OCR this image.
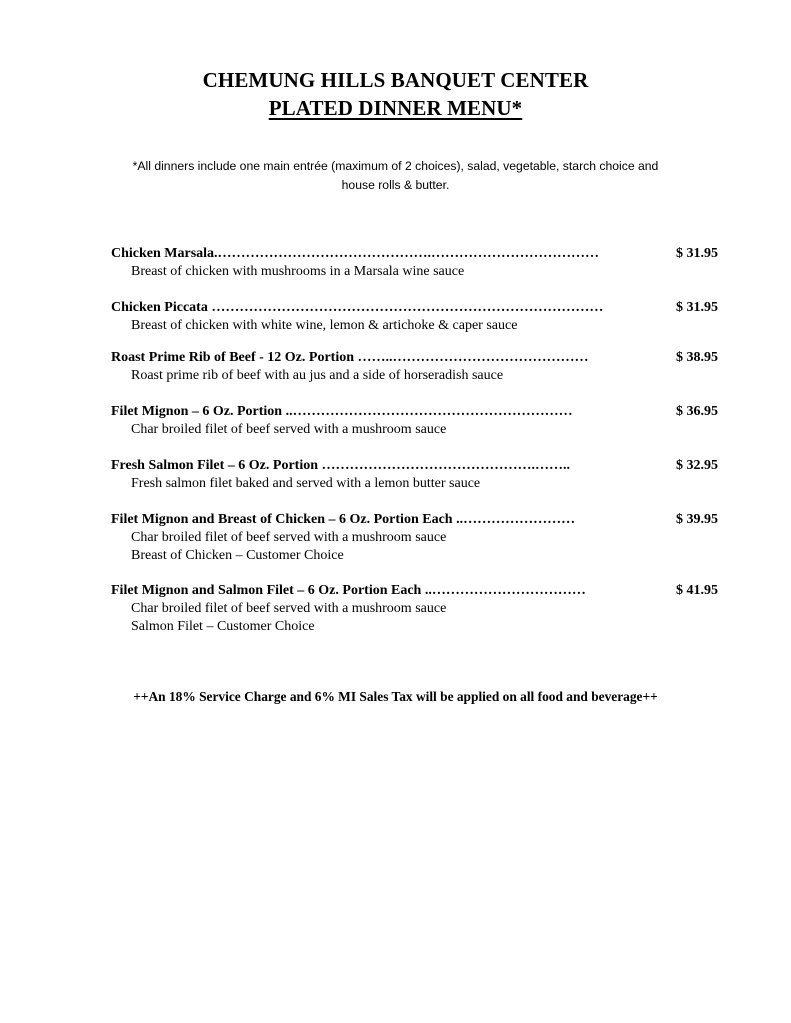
CHEMUNG HILLS BANQUET CENTER
PLATED DINNER MENU*
*All dinners include one main entrée (maximum of 2 choices), salad, vegetable, starch choice and
house rolls & butter.
Chicken Marsala.……………………………………….………………………………	$ 31.95
Breast of chicken with mushrooms in a Marsala wine sauce
Chicken Piccata …………………………………………………………………………	$ 31.95
Breast of chicken with white wine, lemon & artichoke & caper sauce
Roast Prime Rib of Beef - 12 Oz. Portion ……..……………………………………	$ 38.95
Roast prime rib of beef with au jus and a side of horseradish sauce
Filet Mignon – 6 Oz. Portion ..……………………………………………………	$ 36.95
Char broiled filet of beef served with a mushroom sauce
Fresh Salmon Filet – 6 Oz. Portion ……………………………………….……..	$ 32.95
Fresh salmon filet baked and served with a lemon butter sauce
Filet Mignon and Breast of Chicken – 6 Oz. Portion Each ..……………………	$ 39.95
Char broiled filet of beef served with a mushroom sauce
Breast of Chicken – Customer Choice
Filet Mignon and Salmon Filet – 6 Oz. Portion Each ..……………………………	$ 41.95
Char broiled filet of beef served with a mushroom sauce
Salmon Filet – Customer Choice
++An 18% Service Charge and 6% MI Sales Tax will be applied on all food and beverage++
